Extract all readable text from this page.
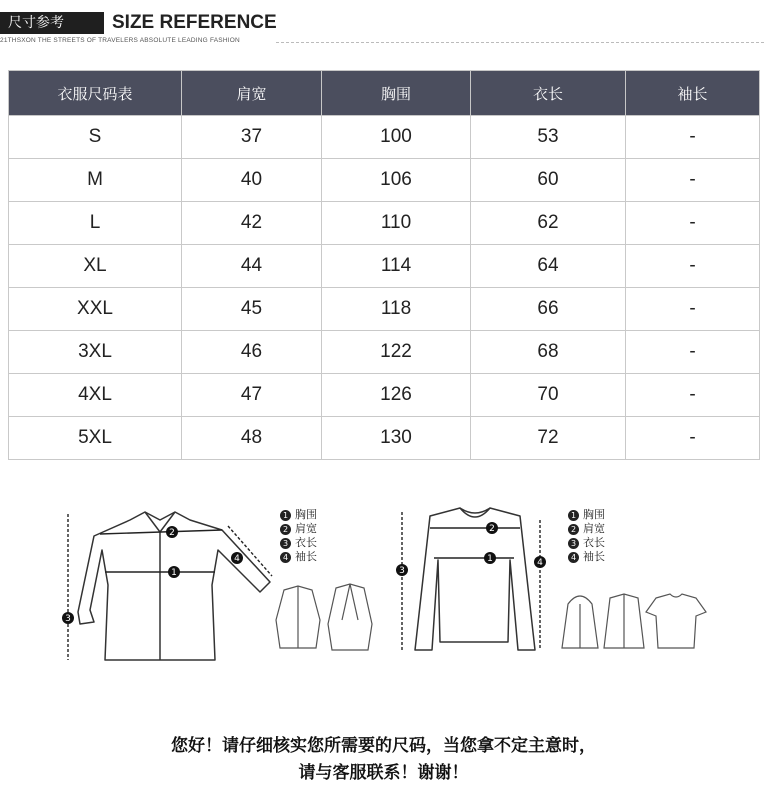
尺寸参考	SIZE REFERENCE
21THSXON THE STREETS OF TRAVELERS ABSOLUTE LEADING FASHION
衣服尺码表	肩宽	胸围	衣长	袖长
S	37	100	53	-
M	40	106	60	-
L	42	110	62	-
XL	44	114	64	-
XXL	45	118	66	-
3XL	46	122	68	-
4XL	47	126	70	-
5XL	48	130	72	-
1
2
3
4
1 胸围
2 肩宽
3 衣长
4 袖长	1
2
3
4
1 胸围
2 肩宽
3 衣长
4 袖长
您好！请仔细核实您所需要的尺码，当您拿不定主意时，
请与客服联系！谢谢！
